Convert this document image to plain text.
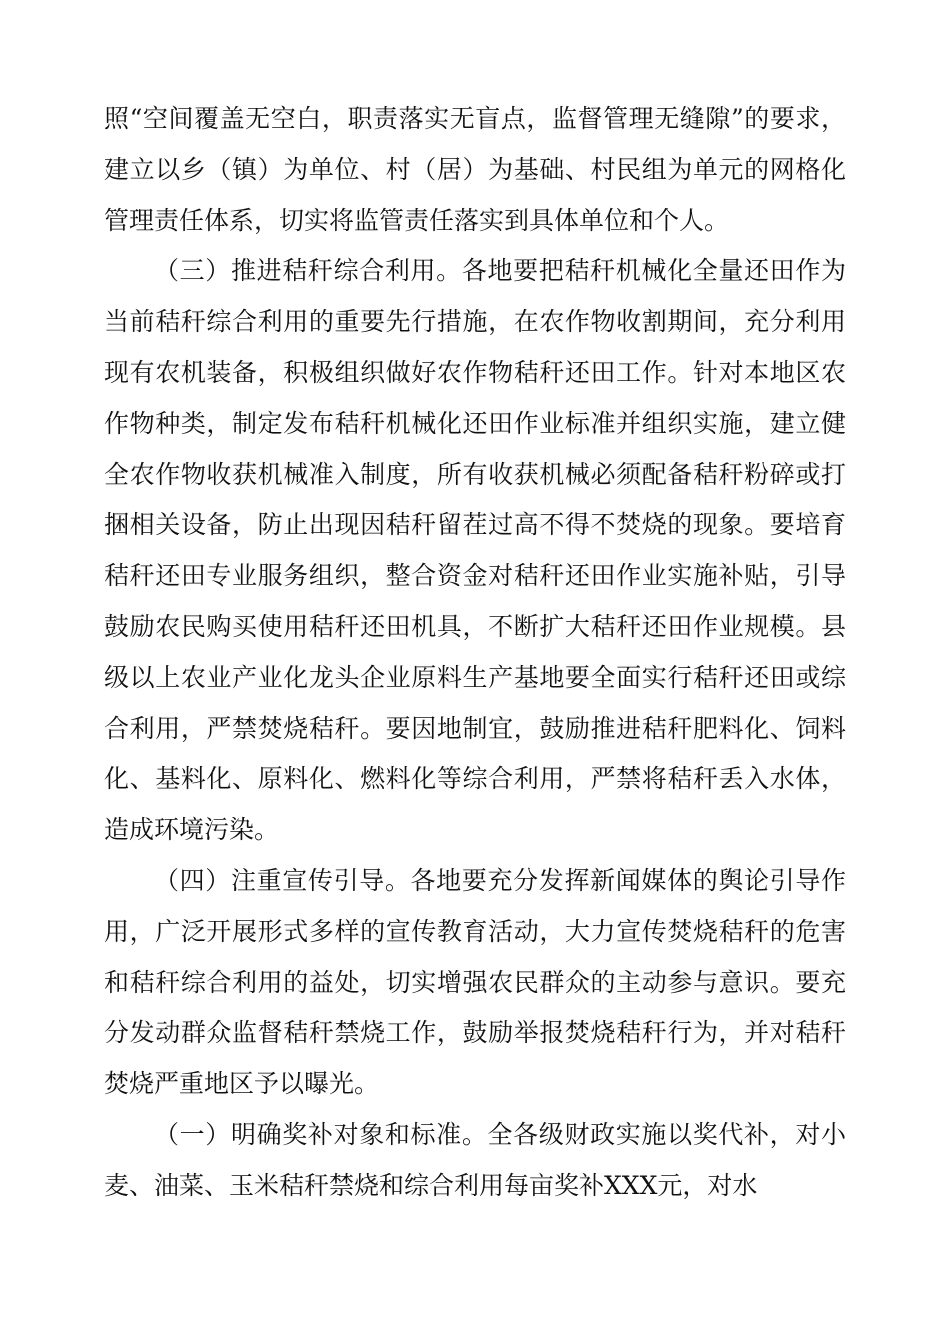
照“空间覆盖无空白，职责落实无盲点，监督管理无缝隙”的要求，
建立以乡（镇）为单位、村（居）为基础、村民组为单元的网格化
管理责任体系，切实将监管责任落实到具体单位和个人。
（三）推进秸秆综合利用。各地要把秸秆机械化全量还田作为
当前秸秆综合利用的重要先行措施，在农作物收割期间，充分利用
现有农机装备，积极组织做好农作物秸秆还田工作。针对本地区农
作物种类，制定发布秸秆机械化还田作业标准并组织实施，建立健
全农作物收获机械准入制度，所有收获机械必须配备秸秆粉碎或打
捆相关设备，防止出现因秸秆留茬过高不得不焚烧的现象。要培育
秸秆还田专业服务组织，整合资金对秸秆还田作业实施补贴，引导
鼓励农民购买使用秸秆还田机具，不断扩大秸秆还田作业规模。县
级以上农业产业化龙头企业原料生产基地要全面实行秸秆还田或综
合利用，严禁焚烧秸秆。要因地制宜，鼓励推进秸秆肥料化、饲料
化、基料化、原料化、燃料化等综合利用，严禁将秸秆丢入水体，
造成环境污染。
（四）注重宣传引导。各地要充分发挥新闻媒体的舆论引导作
用，广泛开展形式多样的宣传教育活动，大力宣传焚烧秸秆的危害
和秸秆综合利用的益处，切实增强农民群众的主动参与意识。要充
分发动群众监督秸秆禁烧工作，鼓励举报焚烧秸秆行为，并对秸秆
焚烧严重地区予以曝光。
（一）明确奖补对象和标准。全各级财政实施以奖代补，对小
麦、油菜、玉米秸秆禁烧和综合利用每亩奖补XXX元，对水
